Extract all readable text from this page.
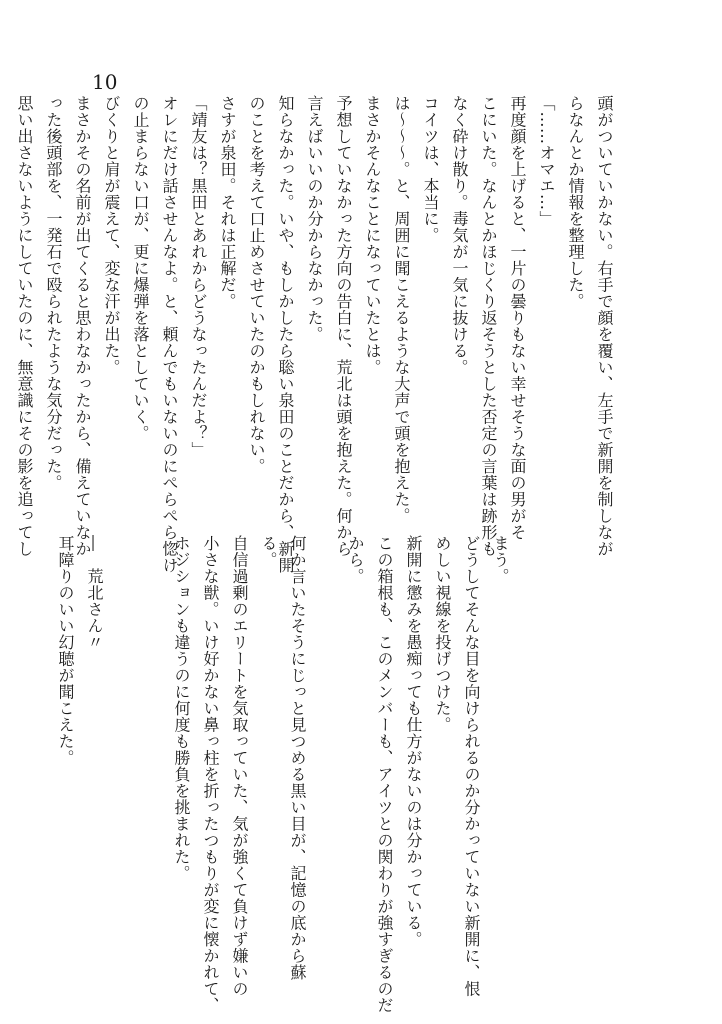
10

頭がついていかない。右手で顔を覆い、左手で新開を制しなが

らなんとか情報を整理した。

「……オマエ…」

再度顔を上げると、一片の曇りもない幸せそうな面の男がそ

こにいた。なんとかほじくり返そうとした否定の言葉は跡形も

なく砕け散り。毒気が一気に抜ける。

コイツは、本当に。

は〜〜〜。と、周囲に聞こえるような大声で頭を抱えた。

まさかそんなことになっていたとは。

予想していなかった方向の告白に、荒北は頭を抱えた。何から

言えばいいのか分からなかった。

知らなかった。いや、もしかしたら聡い泉田のことだから、新開

のことを考えて口止めさせていたのかもしれない。

さすが泉田。それは正解だ。

「靖友は？黒田とあれからどうなったんだよ？」

オレにだけ話させんなよ。と、頼んでもいないのにぺらぺら惚け

の止まらない口が、更に爆弾を落としていく。

びくりと肩が震えて、変な汗が出た。

まさかその名前が出てくると思わなかったから、備えていなか

った後頭部を、一発石で殴られたような気分だった。

思い出さないようにしていたのに、無意識にその影を追ってし

まう。

どうしてそんな目を向けられるのか分かっていない新開に、恨

めしい視線を投げつけた。

新開に懲みを愚痴っても仕方がないのは分かっている。

この箱根も、このメンバーも、アイツとの関わりが強すぎるのだ

から。

何か言いたそうにじっと見つめる黒い目が、記憶の底から蘇

る。

自信過剰のエリートを気取っていた、気が強くて負けず嫌いの

小さな獣。いけ好かない鼻っ柱を折ったつもりが変に懐かれて、

ホジションも違うのに何度も勝負を挑まれた。

―　荒北さん〃

耳障りのいい幻聴が聞こえた。
